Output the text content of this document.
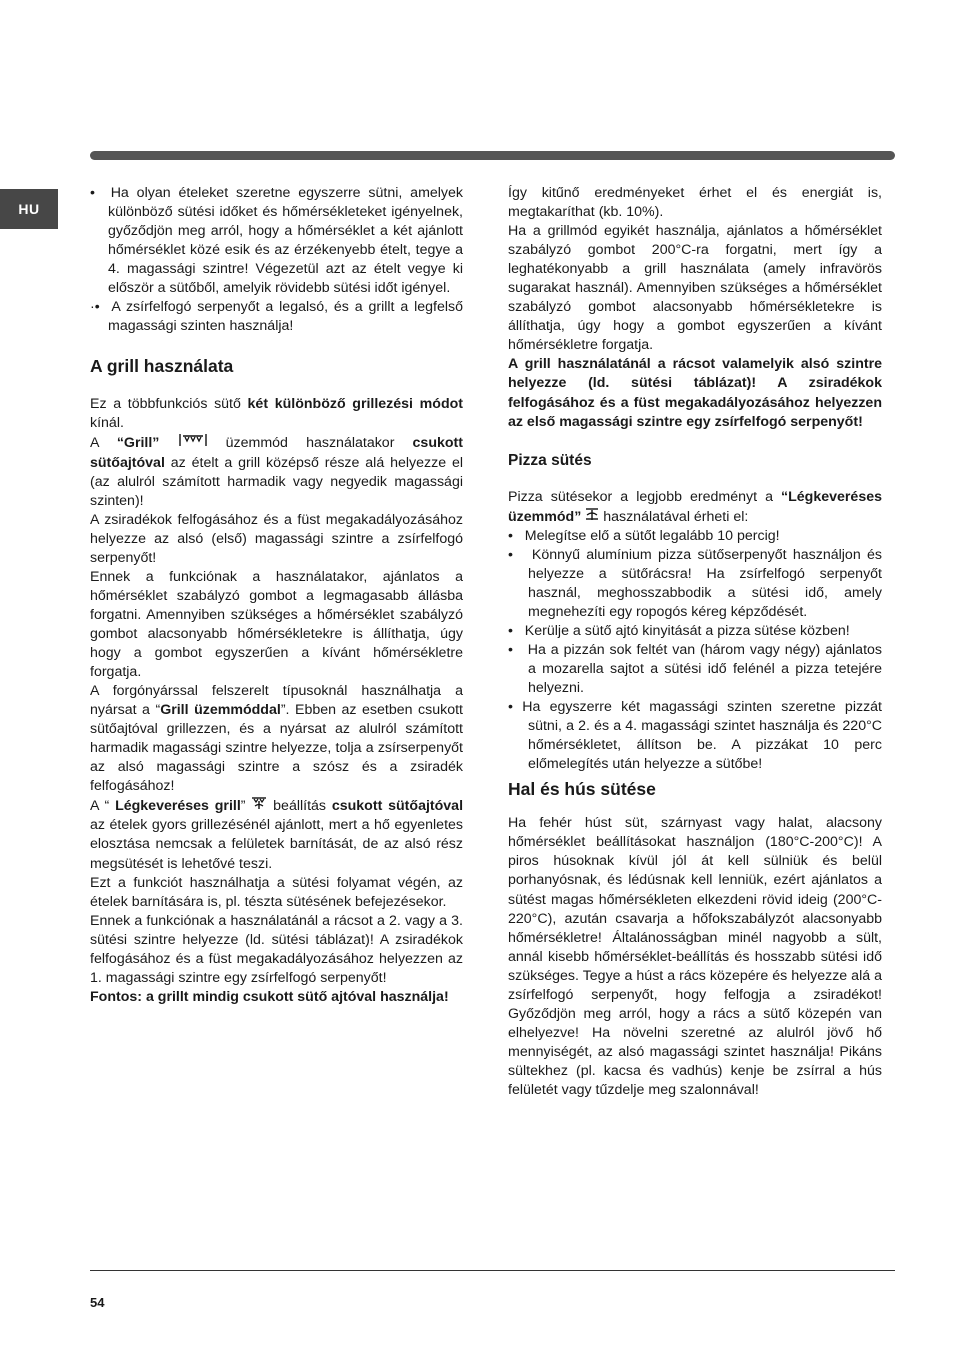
HU

•  Ha olyan ételeket szeretne egyszerre sütni, amelyek különböző sütési időket és hőmérsékleteket igényelnek, győződjön meg arról, hogy a hőmérséklet a két ajánlott hőmérséklet közé esik és az érzékenyebb ételt, tegye a 4. magassági szintre! Végezetül azt az ételt vegye ki először a sütőből, amelyik rövidebb sütési időt igényel.

·•  A zsírfelfogó serpenyőt a legalsó, és a grillt a legfelső magassági szinten használja!

A grill használata

Ez a többfunkciós sütő két különböző grillezési módot kínál.

A “Grill”	üzemmód használatakor csukott sütőajtóval az ételt a grill középső része alá helyezze el (az alulról számított harmadik vagy negyedik magassági szinten)!

A zsiradékok felfogásához és a füst megakadályozásához helyezze az alsó (első) magassági szintre a zsírfelfogó serpenyőt!

Ennek a funkciónak a használatakor, ajánlatos a hőmérséklet szabályzó gombot a legmagasabb állásba forgatni. Amennyiben szükséges a hőmérséklet szabályzó gombot alacsonyabb hőmérsékletekre is állíthatja, úgy hogy a gombot egyszerűen a kívánt hőmérsékletre forgatja.

A forgónyárssal felszerelt típusoknál használhatja a nyársat a “Grill üzemmóddal”. Ebben az esetben csukott sütőajtóval grillezzen, és a nyársat az alulról számított harmadik magassági szintre helyezze, tolja a zsírserpenyőt az alsó magassági szintre a szósz és a zsiradék felfogásához!

A “ Légkeveréses grill”  beállítás csukott sütőajtóval az ételek gyors grillezésénél ajánlott, mert a hő egyenletes elosztása nemcsak a felületek barnítását, de az alsó rész megsütését is lehetővé teszi.

Ezt a funkciót használhatja a sütési folyamat végén, az ételek barnítására is, pl. tészta sütésének befejezésekor.

Ennek a funkciónak a használatánál a rácsot a 2. vagy a 3. sütési szintre helyezze (ld. sütési táblázat)! A zsiradékok felfogásához és a füst megakadályozásához helyezzen az 1. magassági szintre egy zsírfelfogó serpenyőt!

Fontos: a grillt mindig csukott sütő ajtóval használja!

Így kitűnő eredményeket érhet el és energiát is, megtakaríthat (kb. 10%).

Ha a grillmód egyikét használja, ajánlatos a hőmérséklet szabályzó gombot 200°C-ra forgatni, mert így a leghatékonyabb a grill használata (amely infravörös sugarakat használ). Amennyiben szükséges a hőmérséklet szabályzó gombot alacsonyabb hőmérsékletekre is állíthatja, úgy hogy a gombot egyszerűen a kívánt hőmérsékletre forgatja.

A grill használatánál a rácsot valamelyik alsó szintre helyezze (ld. sütési táblázat)! A zsiradékok felfogásához és a füst megakadályozásához helyezzen az első magassági szintre egy zsírfelfogó serpenyőt!

Pizza sütés

Pizza sütésekor a legjobb eredményt a “Légkeveréses üzemmód”  használatával érheti el:

•   Melegítse elő a sütőt legalább 10 percig!

•   Könnyű alumínium pizza sütőserpenyőt használjon és helyezze a sütőrácsra! Ha zsírfelfogó serpenyőt használ, meghosszabbodik a sütési idő, amely megnehezíti egy ropogós kéreg képződését.

•   Kerülje a sütő ajtó kinyitását a pizza sütése közben!

•   Ha a pizzán sok feltét van (három vagy négy) ajánlatos a mozarella sajtot a sütési idő felénél a pizza tetejére helyezni.

• Ha egyszerre két magassági szinten szeretne pizzát sütni, a 2. és a 4. magassági szintet használja és 220°C hőmérsékletet, állítson be. A pizzákat 10 perc előmelegítés után helyezze a sütőbe!

Hal és hús sütése

Ha fehér húst süt, szárnyast vagy halat, alacsony hőmérséklet beállításokat használjon (180°C-200°C)! A piros húsoknak kívül jól át kell sülniük és belül porhanyósnak, és lédúsnak kell lenniük, ezért ajánlatos a sütést magas hőmérsékleten elkezdeni rövid ideig (200°C-220°C), azután csavarja a hőfokszabályzót alacsonyabb hőmérsékletre! Általánosságban minél nagyobb a sült, annál kisebb hőmérséklet-beállítás és hosszabb sütési idő szükséges. Tegye a húst a rács közepére és helyezze alá a zsírfelfogó serpenyőt, hogy felfogja a zsiradékot! Győződjön meg arról, hogy a rács a sütő közepén van elhelyezve! Ha növelni szeretné az alulról jövő hő mennyiségét, az alsó magassági szintet használja! Pikáns sültekhez (pl. kacsa és vadhús) kenje be zsírral a hús felületét vagy tűzdelje meg szalonnával!

54
